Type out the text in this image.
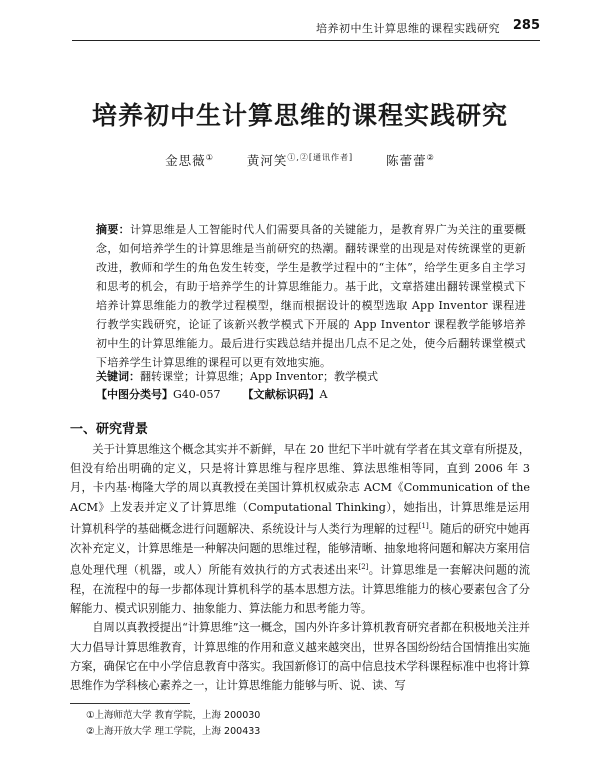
培养初中生计算思维的课程实践研究 285
培养初中生计算思维的课程实践研究
金思薇①	黄河笑$^{①,②[通讯作者]}$	陈蕾蕾②
摘要：计算思维是人工智能时代人们需要具备的关键能力，是教育界广为关注的重要概念，如何培养学生的计算思维是当前研究的热潮。翻转课堂的出现是对传统课堂的更新改进，教师和学生的角色发生转变，学生是教学过程中的“主体”，给学生更多自主学习和思考的机会，有助于培养学生的计算思维能力。基于此，文章搭建出翻转课堂模式下培养计算思维能力的教学过程模型，继而根据设计的模型选取 App Inventor 课程进行教学实践研究，论证了该新兴教学模式下开展的 App Inventor 课程教学能够培养初中生的计算思维能力。最后进行实践总结并提出几点不足之处，使今后翻转课堂模式下培养学生计算思维的课程可以更有效地实施。
关键词：翻转课堂；计算思维；App Inventor；教学模式
【中图分类号】G40-057 【文献标识码】A
一、研究背景

关于计算思维这个概念其实并不新鲜，早在 20 世纪下半叶就有学者在其文章有所提及，但没有给出明确的定义，只是将计算思维与程序思维、算法思维相等同，直到 2006 年 3 月，卡内基·梅隆大学的周以真教授在美国计算机权威杂志 ACM《Communication of the ACM》上发表并定义了计算思维（Computational Thinking），她指出，计算思维是运用计算机科学的基础概念进行问题解决、系统设计与人类行为理解的过程[1]。随后的研究中她再次补充定义，计算思维是一种解决问题的思维过程，能够清晰、抽象地将问题和解决方案用信息处理代理（机器，或人）所能有效执行的方式表述出来[2]。计算思维是一套解决问题的流程，在流程中的每一步都体现计算机科学的基本思想方法。计算思维能力的核心要素包含了分解能力、模式识别能力、抽象能力、算法能力和思考能力等。

自周以真教授提出“计算思维”这一概念，国内外许多计算机教育研究者都在积极地关注并大力倡导计算思维教育，计算思维的作用和意义越来越突出，世界各国纷纷结合国情推出实施方案，确保它在中小学信息教育中落实。我国新修订的高中信息技术学科课程标准中也将计算思维作为学科核心素养之一，让计算思维能力能够与听、说、读、写

①上海师范大学 教育学院，上海 200030
②上海开放大学 理工学院，上海 200433
